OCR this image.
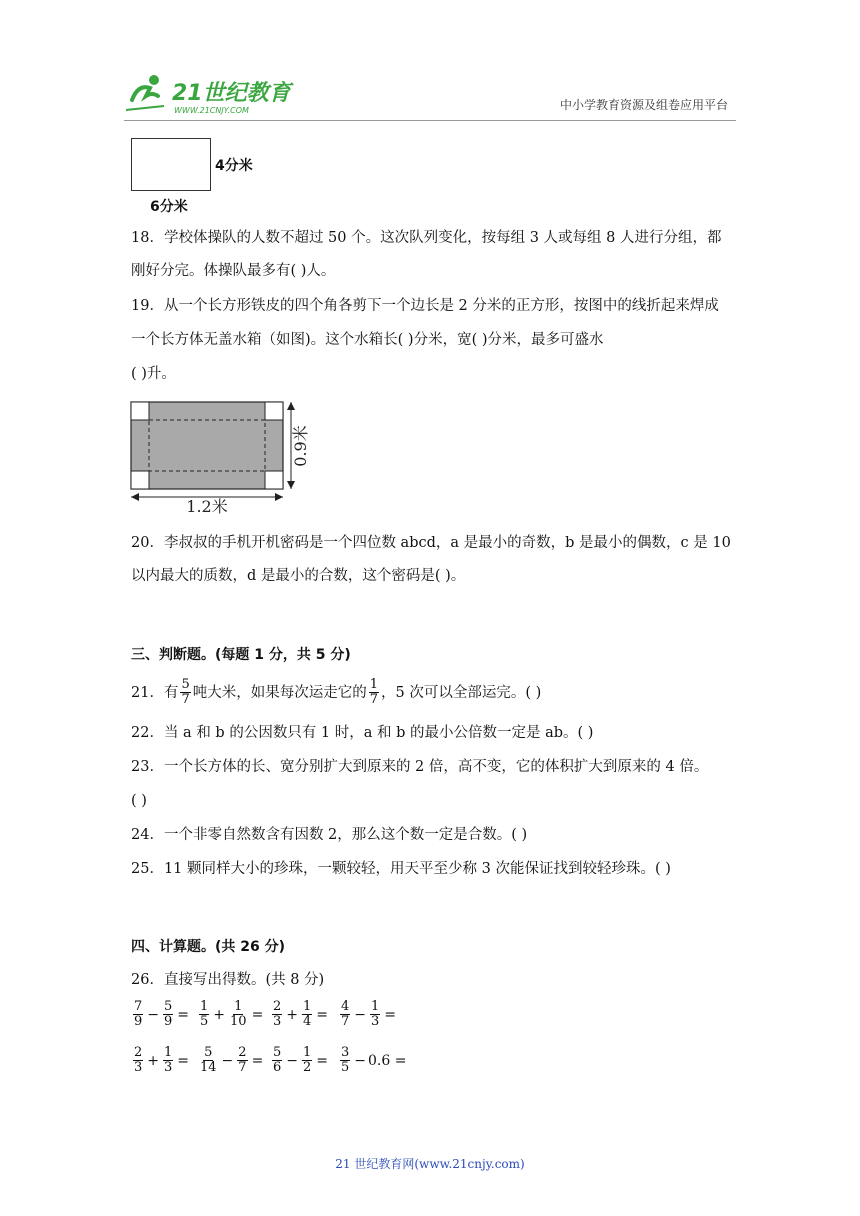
21世纪教育
WWW.21CNJY.COM	中小学教育资源及组卷应用平台
4分米
6分米
18．学校体操队的人数不超过 50 个。这次队列变化，按每组 3 人或每组 8 人进行分组，都
刚好分完。体操队最多有( )人。
19．从一个长方形铁皮的四个角各剪下一个边长是 2 分米的正方形，按图中的线折起来焊成
一个长方体无盖水箱（如图)。这个水箱长( )分米，宽( )分米，最多可盛水
( )升。
1.2米
0.9米
20．李叔叔的手机开机密码是一个四位数 abcd，a 是最小的奇数，b 是最小的偶数，c 是 10
以内最大的质数，d 是最小的合数，这个密码是( )。
三、判断题。(每题 1 分，共 5 分)
21．有 $\frac{5}{7}$ 吨大米，如果每次运走它的 $\frac{1}{7}$ ，5 次可以全部运完。( )
22．当 a 和 b 的公因数只有 1 时，a 和 b 的最小公倍数一定是 ab。( )
23．一个长方体的长、宽分别扩大到原来的 2 倍，高不变，它的体积扩大到原来的 4 倍。
( )
24．一个非零自然数含有因数 2，那么这个数一定是合数。( )
25．11 颗同样大小的珍珠，一颗较轻，用天平至少称 3 次能保证找到较轻珍珠。( )
四、计算题。(共 26 分)
26．直接写出得数。(共 8 分)
$\frac{7}{9} - \frac{5}{9} = \frac{1}{5} + \frac{1}{10} = \frac{2}{3} + \frac{1}{4} = \frac{4}{7} - \frac{1}{3}$ =
$\frac{2}{3} + \frac{1}{3} = \frac{5}{14} - \frac{2}{7} = \frac{5}{6} - \frac{1}{2} = \frac{3}{5} - 0.6$ =
21 世纪教育网(www.21cnjy.com)
